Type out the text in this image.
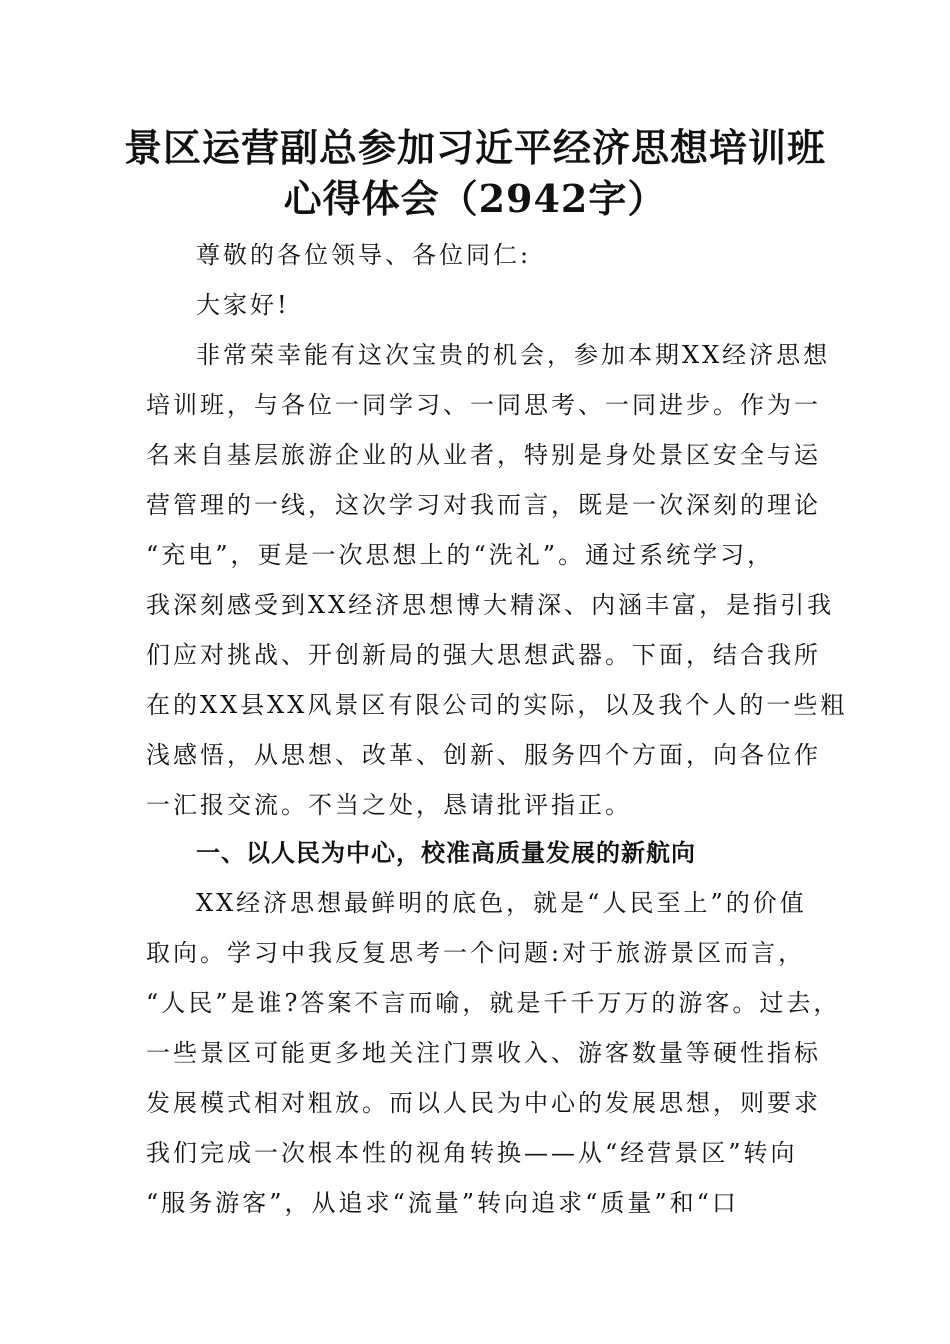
景区运营副总参加习近平经济思想培训班
心得体会（2942字）
尊敬的各位领导、各位同仁:
大家好!
非常荣幸能有这次宝贵的机会，参加本期XX经济思想
培训班，与各位一同学习、一同思考、一同进步。作为一
名来自基层旅游企业的从业者，特别是身处景区安全与运
营管理的一线，这次学习对我而言，既是一次深刻的理论
“充电”，更是一次思想上的“洗礼”。通过系统学习，
我深刻感受到XX经济思想博大精深、内涵丰富，是指引我
们应对挑战、开创新局的强大思想武器。下面，结合我所
在的XX县XX风景区有限公司的实际，以及我个人的一些粗
浅感悟，从思想、改革、创新、服务四个方面，向各位作
一汇报交流。不当之处，恳请批评指正。
一、以人民为中心，校准高质量发展的新航向
XX经济思想最鲜明的底色，就是“人民至上”的价值
取向。学习中我反复思考一个问题:对于旅游景区而言，
“人民”是谁?答案不言而喻，就是千千万万的游客。过去，
一些景区可能更多地关注门票收入、游客数量等硬性指标
发展模式相对粗放。而以人民为中心的发展思想，则要求
我们完成一次根本性的视角转换——从“经营景区”转向
“服务游客”，从追求“流量”转向追求“质量”和“口
